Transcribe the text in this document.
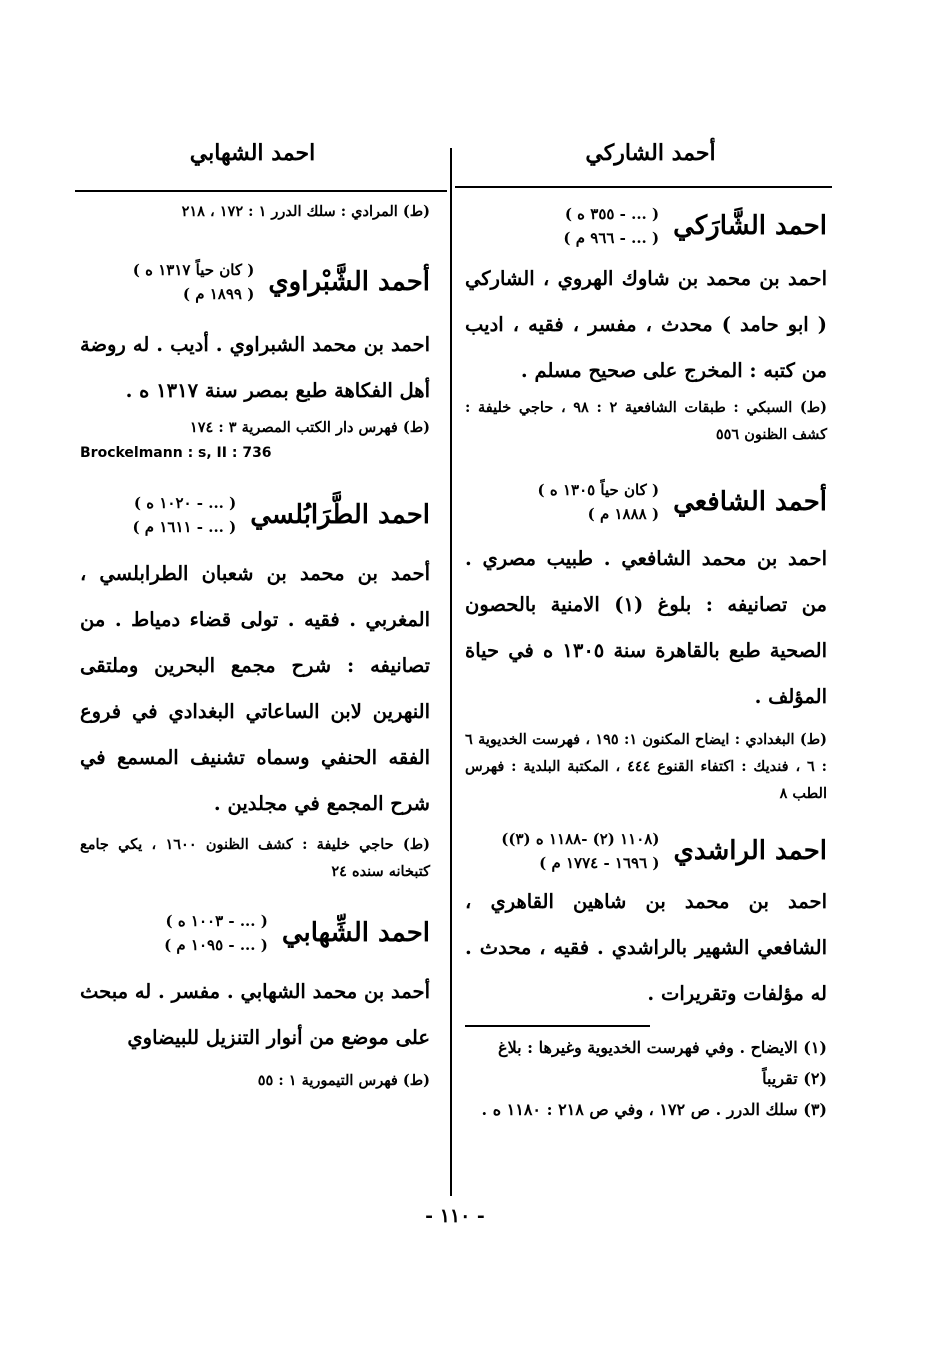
احمد الشهابي	أحمد الشاركي
احمد الشَّارَكي
( ... - ٣٥٥ ه )
( ... - ٩٦٦ م )

احمد بن محمد بن شاوك الهروي ، الشاركي ( ابو حامد ) محدث ، مفسر ، فقيه ، اديب من كتبه : المخرج على صحيح مسلم .

(ط) السبكي : طبقات الشافعية ٢ : ٩٨ ، حاجي خليفة : كشف الظنون ٥٥٦

أحمد الشافعي
( كان حياً ١٣٠٥ ه )
( ١٨٨٨ م )

احمد بن محمد الشافعي . طبيب مصري . من تصانيفه : بلوغ (١) الامنية بالحصون الصحية طبع بالقاهرة سنة ١٣٠٥ ه في حياة المؤلف .

(ط) البغدادي : ايضاح المكنون ١: ١٩٥ ، فهرست الخديوية ٦ : ٦ ، فنديك : اكتفاء القنوع ٤٤٤ ، المكتبة البلدية : فهرس الطب ٨

احمد الراشدي
(١١٠٨ (٢) -١١٨٨ ه (٣))
( ١٦٩٦ - ١٧٧٤ م )

احمد بن محمد بن شاهين القاهري ، الشافعي الشهير بالراشدي . فقيه ، محدث . له مؤلفات وتقريرات .

(١) الايضاح . وفي فهرست الخديوية وغيرها : بلاغ
(٢) تقريباً
(٣) سلك الدرر . ص ١٧٢ ، وفي ص ٢١٨ : ١١٨٠ ه .

(ط) المرادي : سلك الدرر ١ : ١٧٢ ، ٢١٨

أحمد الشَّبْراوي
( كان حياً ١٣١٧ ه )
( ١٨٩٩ م )

احمد بن محمد الشبراوي . أديب . له روضة أهل الفكاهة طبع بمصر سنة ١٣١٧ ه .

(ط) فهرس دار الكتب المصرية ٣ : ١٧٤

Brockelmann : s, II : 736

احمد الطَّرَابُلسي
( ... - ١٠٢٠ ه )
( ... - ١٦١١ م )

أحمد بن محمد بن شعبان الطرابلسي ، المغربي . فقيه . تولى قضاء دمياط . من تصانيفه : شرح مجمع البحرين وملتقى النهرين لابن الساعاتي البغدادي في فروع الفقه الحنفي وسماه تشنيف المسمع في شرح المجمع في مجلدين .

(ط) حاجي خليفة : كشف الظنون ١٦٠٠ ، يكي جامع كتبخانه سنده ٢٤

احمد الشِّهابي
( ... - ١٠٠٣ ه )
( ... - ١٠٩٥ م )

أحمد بن محمد الشهابي . مفسر . له مبحث على موضع من أنوار التنزيل للبيضاوي

(ط) فهرس التيمورية ١ : ٥٥

- ١١٠ -
